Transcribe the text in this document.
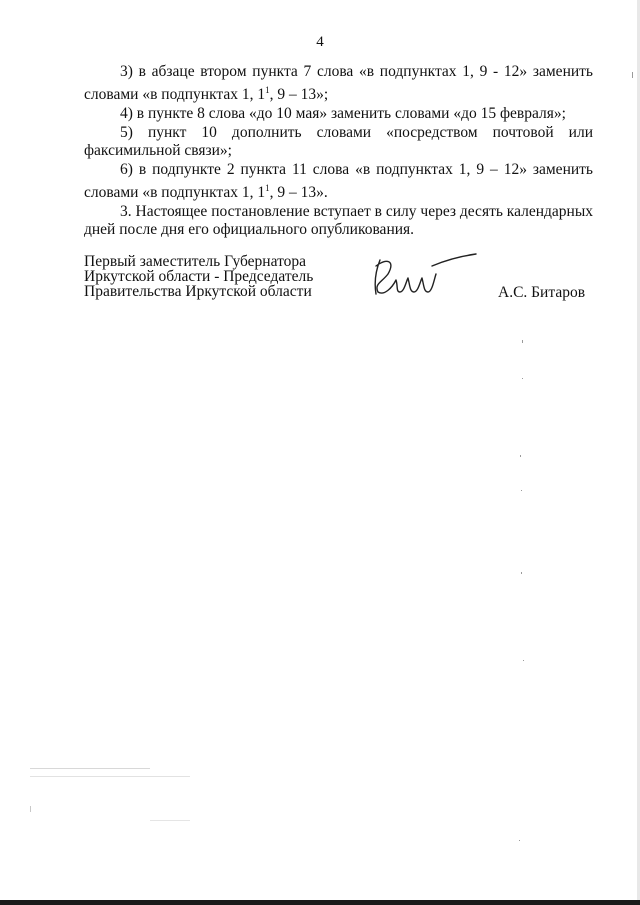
4

3) в абзаце втором пункта 7 слова «в подпунктах 1, 9 - 12» заменить словами «в подпунктах 1, $1^1$, 9 – 13»;

4) в пункте 8 слова «до 10 мая» заменить словами «до 15 февраля»;

5) пункт 10 дополнить словами «посредством почтовой или факсимильной связи»;

6) в подпункте 2 пункта 11 слова «в подпунктах 1, 9 – 12» заменить словами «в подпунктах 1, $1^1$, 9 – 13».

3. Настоящее постановление вступает в силу через десять календарных дней после дня его официального опубликования.

Первый заместитель Губернатора
Иркутской области - Председатель
Правительства Иркутской области	А.С. Битаров
